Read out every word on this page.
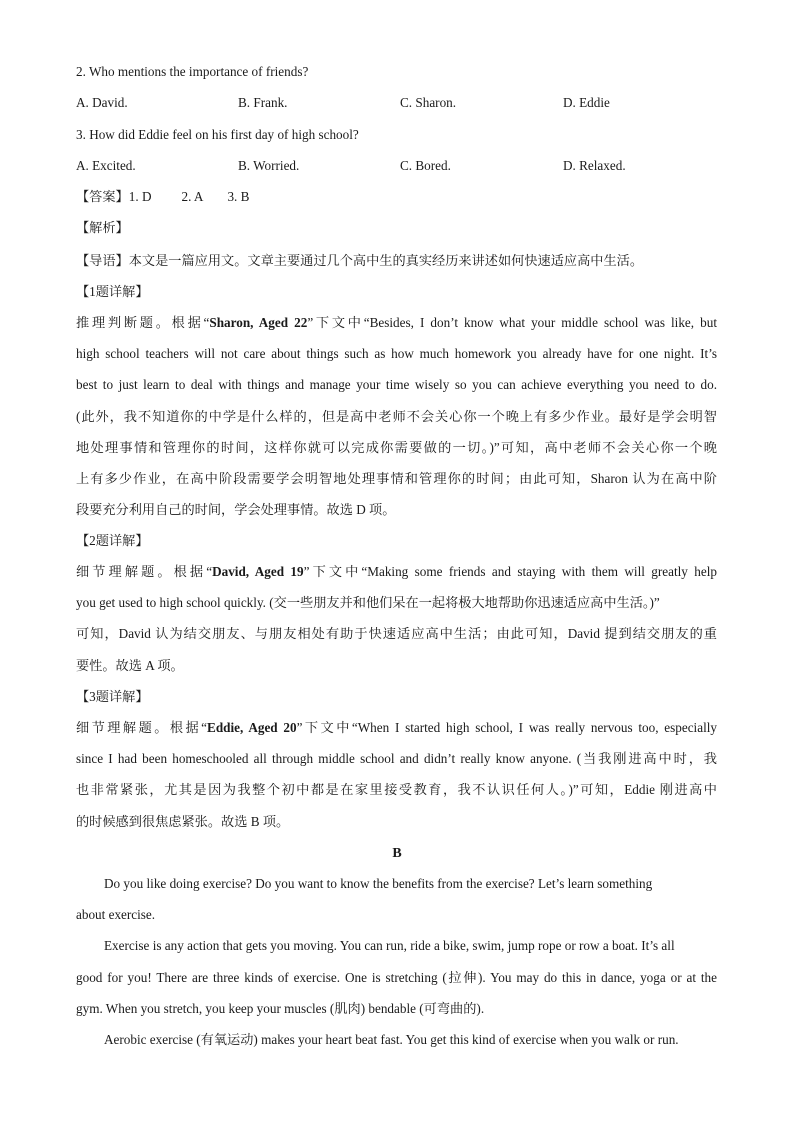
2. Who mentions the importance of friends?
A. David.	B. Frank.	C. Sharon.	D. Eddie
3. How did Eddie feel on his first day of high school?
A. Excited.	B. Worried.	C. Bored.	D. Relaxed.
【答案】1. D 2. A 3. B
【解析】
【导语】本文是一篇应用文。文章主要通过几个高中生的真实经历来讲述如何快速适应高中生活。
【1题详解】
推理判断题。根据“Sharon, Aged 22”下文中“Besides, I don’t know what your middle school was like, but
high school teachers will not care about things such as how much homework you already have for one night. It’s
best to just learn to deal with things and manage your time wisely so you can achieve everything you need to do.
(此外，我不知道你的中学是什么样的，但是高中老师不会关心你一个晚上有多少作业。最好是学会明智
地处理事情和管理你的时间，这样你就可以完成你需要做的一切。)”可知，高中老师不会关心你一个晚
上有多少作业，在高中阶段需要学会明智地处理事情和管理你的时间；由此可知，Sharon 认为在高中阶
段要充分利用自己的时间，学会处理事情。故选 D 项。
【2题详解】
细节理解题。根据“David, Aged 19”下文中“Making some friends and staying with them will greatly help
you get used to high school quickly. (交一些朋友并和他们呆在一起将极大地帮助你迅速适应高中生活。)”
可知，David 认为结交朋友、与朋友相处有助于快速适应高中生活；由此可知，David 提到结交朋友的重
要性。故选 A 项。
【3题详解】
细节理解题。根据“Eddie, Aged 20”下文中“When I started high school, I was really nervous too, especially
since I had been homeschooled all through middle school and didn’t really know anyone. (当我刚进高中时，我
也非常紧张，尤其是因为我整个初中都是在家里接受教育，我不认识任何人。)”可知，Eddie 刚进高中
的时候感到很焦虑紧张。故选 B 项。
B
Do you like doing exercise? Do you want to know the benefits from the exercise? Let’s learn something
about exercise.
Exercise is any action that gets you moving. You can run, ride a bike, swim, jump rope or row a boat. It’s all
good for you! There are three kinds of exercise. One is stretching (拉伸). You may do this in dance, yoga or at the
gym. When you stretch, you keep your muscles (肌肉) bendable (可弯曲的).
Aerobic exercise (有氧运动) makes your heart beat fast. You get this kind of exercise when you walk or run.
